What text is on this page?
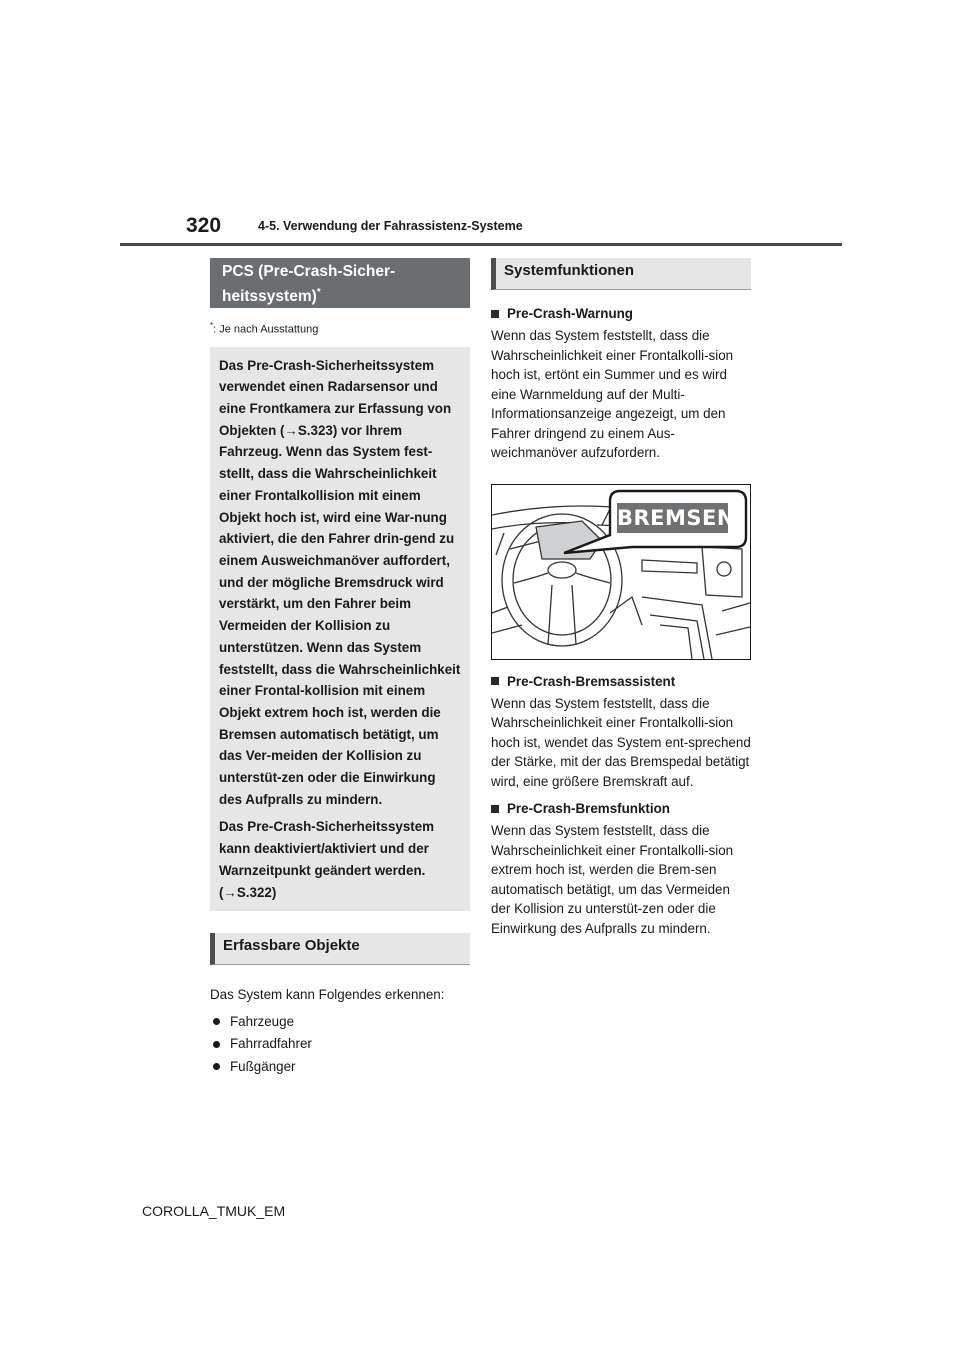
320	4-5. Verwendung der Fahrassistenz-Systeme
PCS (Pre-Crash-Sicher-
heitssystem)*
*: Je nach Ausstattung

Das Pre-Crash-Sicherheitssystem verwendet einen Radarsensor und eine Frontkamera zur Erfassung von Objekten (→S.323) vor Ihrem Fahrzeug. Wenn das System fest-stellt, dass die Wahrscheinlichkeit einer Frontalkollision mit einem Objekt hoch ist, wird eine War-nung aktiviert, die den Fahrer drin-gend zu einem Ausweichmanöver auffordert, und der mögliche Bremsdruck wird verstärkt, um den Fahrer beim Vermeiden der Kollision zu unterstützen. Wenn das System feststellt, dass die Wahrscheinlichkeit einer Frontal-kollision mit einem Objekt extrem hoch ist, werden die Bremsen automatisch betätigt, um das Ver-meiden der Kollision zu unterstüt-zen oder die Einwirkung des Aufpralls zu mindern.

Das Pre-Crash-Sicherheitssystem kann deaktiviert/aktiviert und der Warnzeitpunkt geändert werden. (→S.322)

Erfassbare Objekte

Das System kann Folgendes erkennen:

Fahrzeuge
Fahrradfahrer
Fußgänger
Systemfunktionen
Pre-Crash-Warnung

Wenn das System feststellt, dass die Wahrscheinlichkeit einer Frontalkolli-sion hoch ist, ertönt ein Summer und es wird eine Warnmeldung auf der Multi-Informationsanzeige angezeigt, um den Fahrer dringend zu einem Aus-weichmanöver aufzufordern.

BREMSEN!
Pre-Crash-Bremsassistent

Wenn das System feststellt, dass die Wahrscheinlichkeit einer Frontalkolli-sion hoch ist, wendet das System ent-sprechend der Stärke, mit der das Bremspedal betätigt wird, eine größere Bremskraft auf.

Pre-Crash-Bremsfunktion

Wenn das System feststellt, dass die Wahrscheinlichkeit einer Frontalkolli-sion extrem hoch ist, werden die Brem-sen automatisch betätigt, um das Vermeiden der Kollision zu unterstüt-zen oder die Einwirkung des Aufpralls zu mindern.

COROLLA_TMUK_EM
